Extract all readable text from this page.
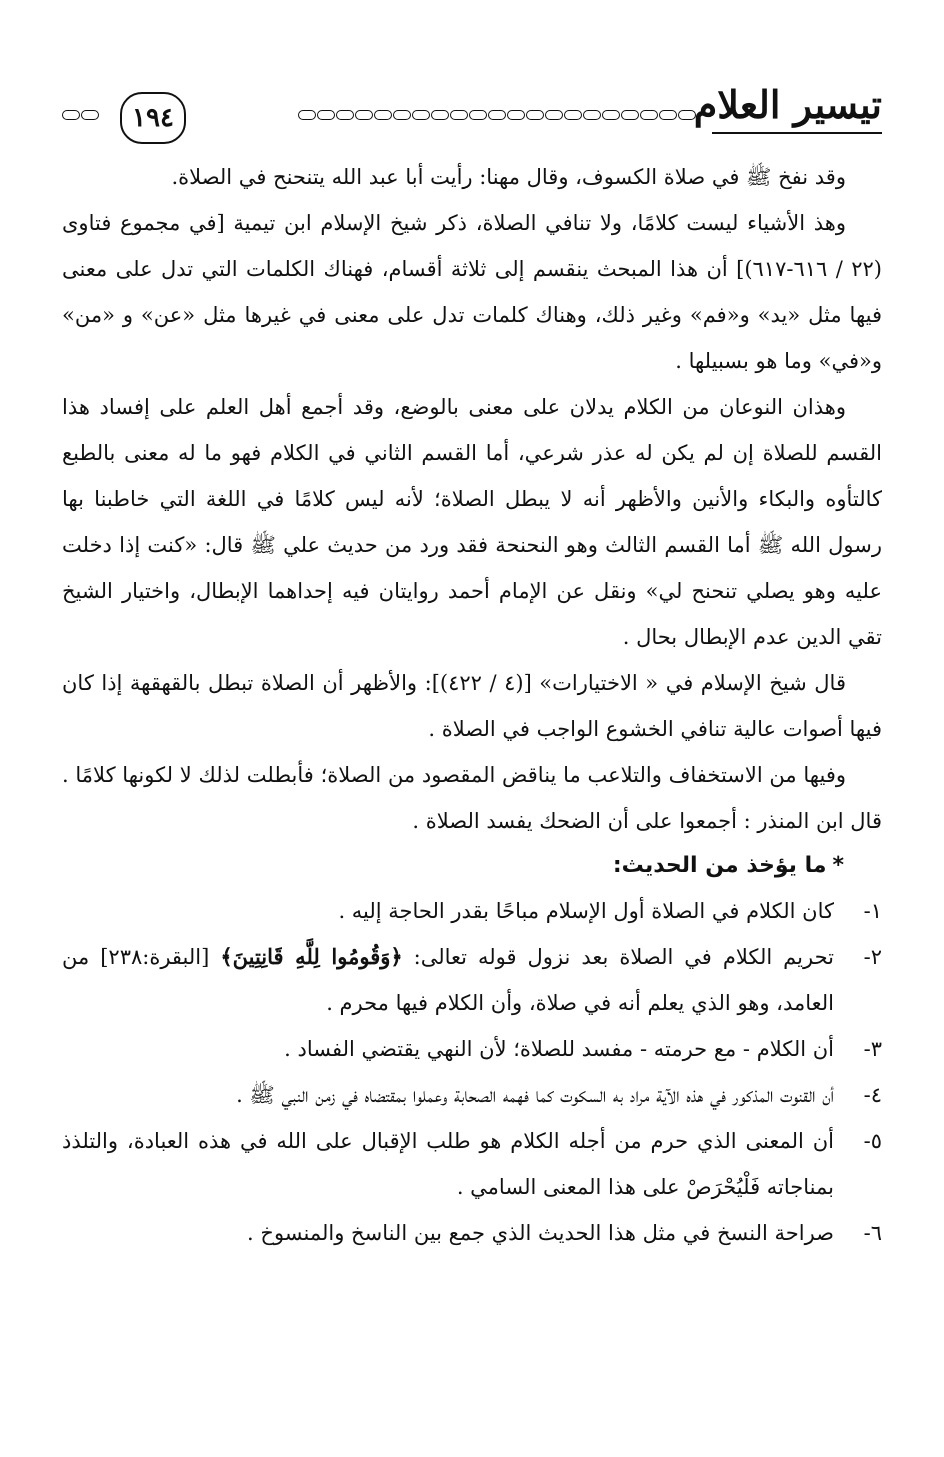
١٩٤	تيسير العلام

وقد نفخ ﷺ في صلاة الكسوف، وقال مهنا: رأيت أبا عبد الله يتنحنح في الصلاة.

وهذ الأشياء ليست كلامًا، ولا تنافي الصلاة، ذكر شيخ الإسلام ابن تيمية [في مجموع فتاوى (٢٢ / ٦١٦-٦١٧)] أن هذا المبحث ينقسم إلى ثلاثة أقسام، فهناك الكلمات التي تدل على معنى فيها مثل «يد» و«فم» وغير ذلك، وهناك كلمات تدل على معنى في غيرها مثل «عن» و «من» و«في» وما هو بسبيلها .

وهذان النوعان من الكلام يدلان على معنى بالوضع، وقد أجمع أهل العلم على إفساد هذا القسم للصلاة إن لم يكن له عذر شرعي، أما القسم الثاني في الكلام فهو ما له معنى بالطبع كالتأوه والبكاء والأنين والأظهر أنه لا يبطل الصلاة؛ لأنه ليس كلامًا في اللغة التي خاطبنا بها رسول الله ﷺ أما القسم الثالث وهو النحنحة فقد ورد من حديث علي ﷺ قال: «كنت إذا دخلت عليه وهو يصلي تنحنح لي» ونقل عن الإمام أحمد روايتان فيه إحداهما الإبطال، واختيار الشيخ تقي الدين عدم الإبطال بحال .

قال شيخ الإسلام في « الاختيارات» [(٤ / ٤٢٢)]: والأظهر أن الصلاة تبطل بالقهقهة إذا كان فيها أصوات عالية تنافي الخشوع الواجب في الصلاة .

وفيها من الاستخفاف والتلاعب ما يناقض المقصود من الصلاة؛ فأبطلت لذلك لا لكونها كلامًا . قال ابن المنذر : أجمعوا على أن الضحك يفسد الصلاة .

*ما يؤخذ من الحديث:
١-
كان الكلام في الصلاة أول الإسلام مباحًا بقدر الحاجة إليه .
٢-
تحريم الكلام في الصلاة بعد نزول قوله تعالى: ﴿وَقُومُوا لِلَّهِ قَانِتِينَ﴾ [البقرة:٢٣٨] من العامد، وهو الذي يعلم أنه في صلاة، وأن الكلام فيها محرم .
٣-
أن الكلام - مع حرمته - مفسد للصلاة؛ لأن النهي يقتضي الفساد .
٤-
أن القنوت المذكور في هذه الآية مراد به السكوت كما فهمه الصحابة وعملوا بمقتضاه في زمن النبي ﷺ .
٥-
أن المعنى الذي حرم من أجله الكلام هو طلب الإقبال على الله في هذه العبادة، والتلذذ بمناجاته فَلْيُحْرَصْ على هذا المعنى السامي .
٦-
صراحة النسخ في مثل هذا الحديث الذي جمع بين الناسخ والمنسوخ .
